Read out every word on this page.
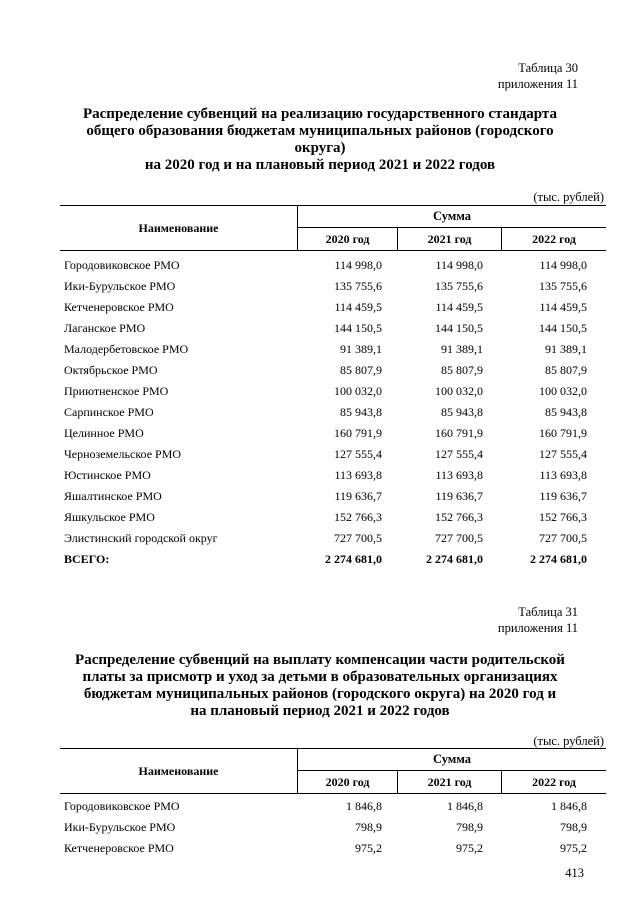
Таблица 30
приложения 11
Распределение субвенций на реализацию государственного стандарта
общего образования бюджетам муниципальных районов (городского
округа)
на 2020 год и на плановый период 2021 и 2022 годов
(тыс. рублей)
Наименование
Сумма
2020 год	2021 год	2022 год
Городовиковское РМО	114 998,0	114 998,0	114 998,0
Ики-Бурульское РМО	135 755,6	135 755,6	135 755,6
Кетченеровское РМО	114 459,5	114 459,5	114 459,5
Лаганское РМО	144 150,5	144 150,5	144 150,5
Малодербетовское РМО	91 389,1	91 389,1	91 389,1
Октябрьское РМО	85 807,9	85 807,9	85 807,9
Приютненское РМО	100 032,0	100 032,0	100 032,0
Сарпинское РМО	85 943,8	85 943,8	85 943,8
Целинное РМО	160 791,9	160 791,9	160 791,9
Черноземельское РМО	127 555,4	127 555,4	127 555,4
Юстинское РМО	113 693,8	113 693,8	113 693,8
Яшалтинское РМО	119 636,7	119 636,7	119 636,7
Яшкульское РМО	152 766,3	152 766,3	152 766,3
Элистинский городской округ	727 700,5	727 700,5	727 700,5
ВСЕГО:	2 274 681,0	2 274 681,0	2 274 681,0
Таблица 31
приложения 11
Распределение субвенций на выплату компенсации части родительской
платы за присмотр и уход за детьми в образовательных организациях
бюджетам муниципальных районов (городского округа) на 2020 год и
на плановый период 2021 и 2022 годов
(тыс. рублей)
Наименование
Сумма
2020 год	2021 год	2022 год
Городовиковское РМО	1 846,8	1 846,8	1 846,8
Ики-Бурульское РМО	798,9	798,9	798,9
Кетченеровское РМО	975,2	975,2	975,2
413
